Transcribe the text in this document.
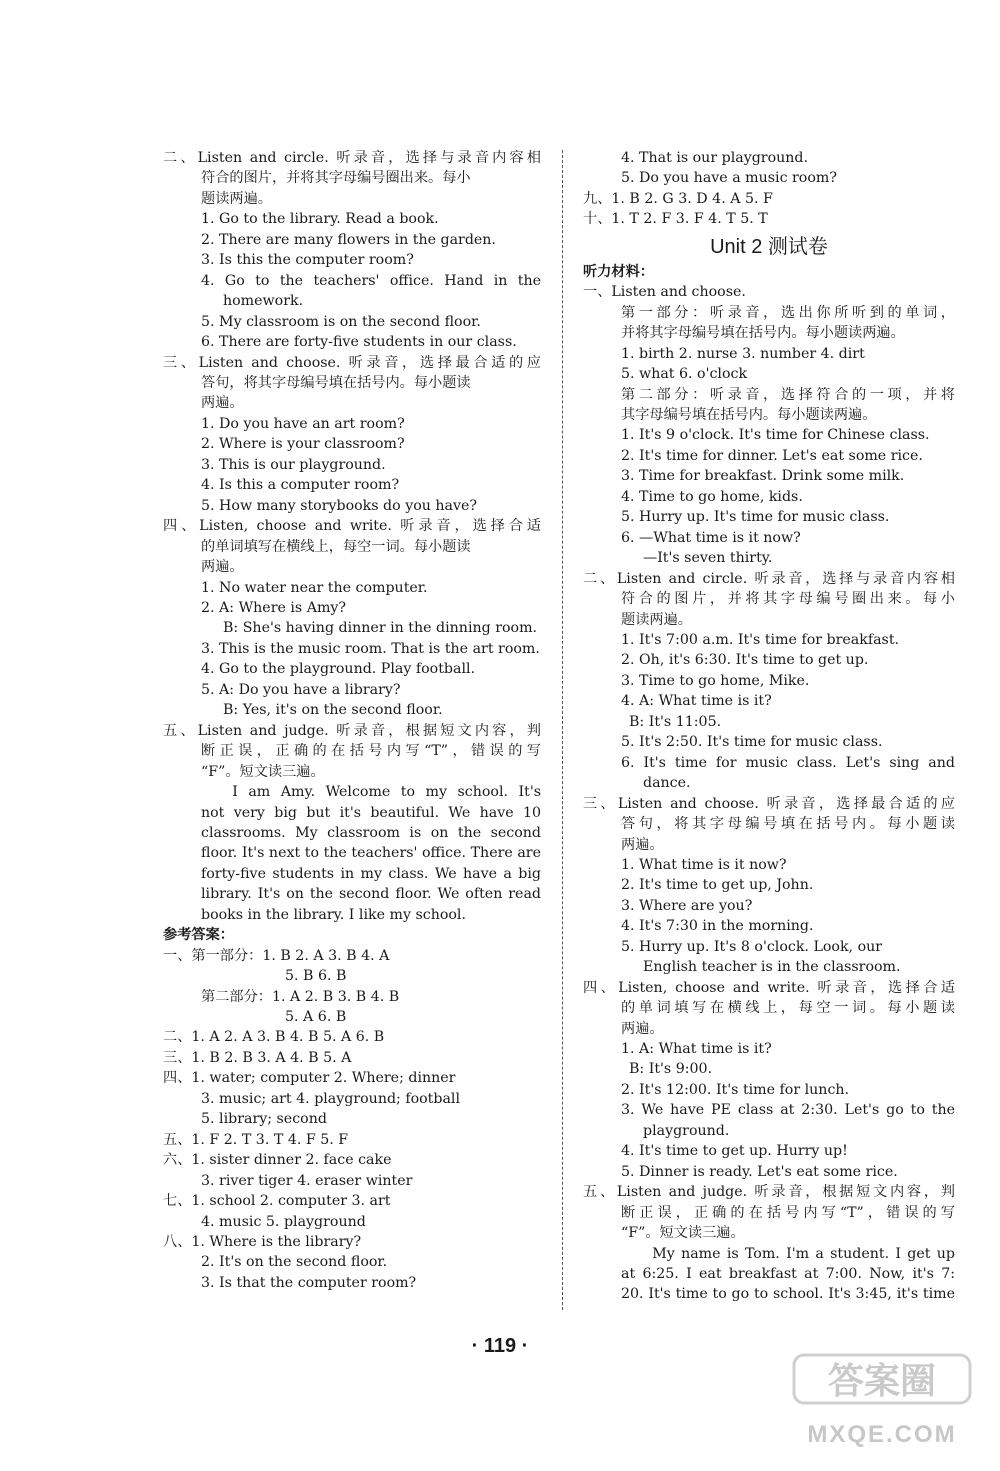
二、Listen and circle. 听录音，选择与录音内容相
符合的图片，并将其字母编号圈出来。每小
题读两遍。
1. Go to the library. Read a book.
2. There are many flowers in the garden.
3. Is this the computer room?
4. Go to the teachers' office. Hand in the
homework.
5. My classroom is on the second floor.
6. There are forty-five students in our class.
三、Listen and choose. 听录音，选择最合适的应
答句，将其字母编号填在括号内。每小题读
两遍。
1. Do you have an art room?
2. Where is your classroom?
3. This is our playground.
4. Is this a computer room?
5. How many storybooks do you have?
四、Listen, choose and write. 听录音，选择合适
的单词填写在横线上，每空一词。每小题读
两遍。
1. No water near the computer.
2. A: Where is Amy?
B: She's having dinner in the dinning room.
3. This is the music room. That is the art room.
4. Go to the playground. Play football.
5. A: Do you have a library?
B: Yes, it's on the second floor.
五、Listen and judge. 听录音，根据短文内容，判
断正误，正确的在括号内写“T”，错误的写
“F”。短文读三遍。
I am Amy. Welcome to my school. It's
not very big but it's beautiful. We have 10
classrooms. My classroom is on the second
floor. It's next to the teachers' office. There are
forty-five students in my class. We have a big
library. It's on the second floor. We often read
books in the library. I like my school.
参考答案：
一、第一部分：1. B 2. A 3. B 4. A
5. B 6. B
第二部分：1. A 2. B 3. B 4. B
5. A 6. B
二、1. A 2. A 3. B 4. B 5. A 6. B
三、1. B 2. B 3. A 4. B 5. A
四、1. water; computer 2. Where; dinner
3. music; art 4. playground; football
5. library; second
五、1. F 2. T 3. T 4. F 5. F
六、1. sister dinner 2. face cake
3. river tiger 4. eraser winter
七、1. school 2. computer 3. art
4. music 5. playground
八、1. Where is the library?
2. It's on the second floor.
3. Is that the computer room?
4. That is our playground.
5. Do you have a music room?
九、1. B 2. G 3. D 4. A 5. F
十、1. T 2. F 3. F 4. T 5. T
Unit 2 测试卷
听力材料：
一、Listen and choose.
第一部分：听录音，选出你所听到的单词，
并将其字母编号填在括号内。每小题读两遍。
1. birth 2. nurse 3. number 4. dirt
5. what 6. o'clock
第二部分：听录音，选择符合的一项，并将
其字母编号填在括号内。每小题读两遍。
1. It's 9 o'clock. It's time for Chinese class.
2. It's time for dinner. Let's eat some rice.
3. Time for breakfast. Drink some milk.
4. Time to go home, kids.
5. Hurry up. It's time for music class.
6. —What time is it now?
—It's seven thirty.
二、Listen and circle. 听录音，选择与录音内容相
符合的图片，并将其字母编号圈出来。每小
题读两遍。
1. It's 7:00 a.m. It's time for breakfast.
2. Oh, it's 6:30. It's time to get up.
3. Time to go home, Mike.
4. A: What time is it?
B: It's 11:05.
5. It's 2:50. It's time for music class.
6. It's time for music class. Let's sing and
dance.
三、Listen and choose. 听录音，选择最合适的应
答句，将其字母编号填在括号内。每小题读
两遍。
1. What time is it now?
2. It's time to get up, John.
3. Where are you?
4. It's 7:30 in the morning.
5. Hurry up. It's 8 o'clock. Look, our
English teacher is in the classroom.
四、Listen, choose and write. 听录音，选择合适
的单词填写在横线上，每空一词。每小题读
两遍。
1. A: What time is it?
B: It's 9:00.
2. It's 12:00. It's time for lunch.
3. We have PE class at 2:30. Let's go to the
playground.
4. It's time to get up. Hurry up!
5. Dinner is ready. Let's eat some rice.
五、Listen and judge. 听录音，根据短文内容，判
断正误，正确的在括号内写“T”，错误的写
“F”。短文读三遍。
My name is Tom. I'm a student. I get up
at 6:25. I eat breakfast at 7:00. Now, it's 7:
20. It's time to go to school. It's 3:45, it's time
· 119 ·
答案圈
MXQE.COM
